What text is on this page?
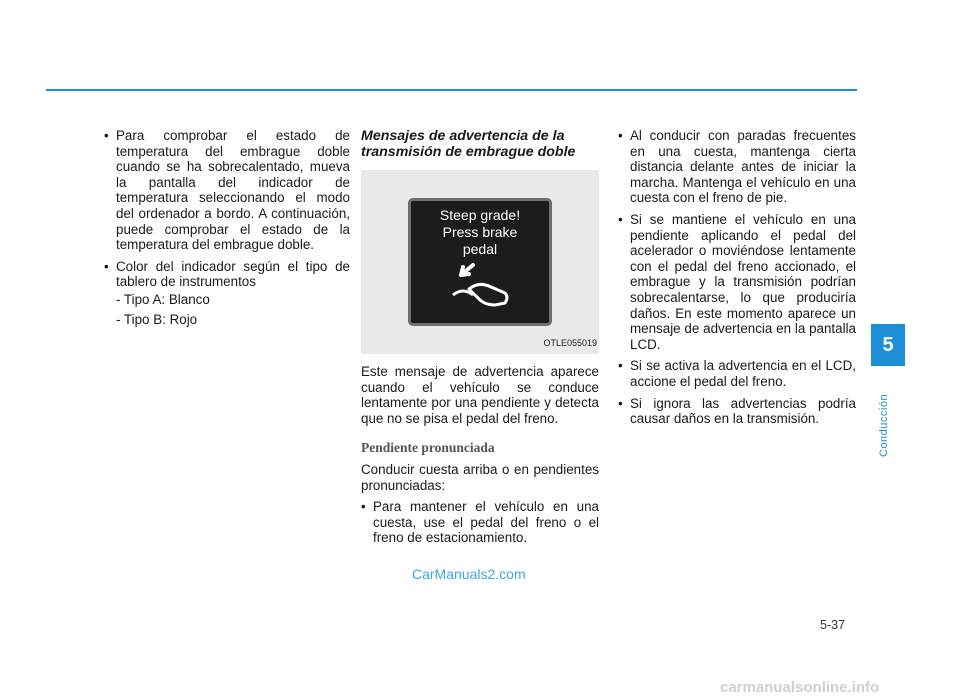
• Para comprobar el estado de temperatura del embrague doble cuando se ha sobrecalentado, mueva la pantalla del indicador de temperatura seleccionando el modo del ordenador a bordo. A continuación, puede comprobar el estado de la temperatura del embrague doble.
• Color del indicador según el tipo de tablero de instrumentos
- Tipo A: Blanco
- Tipo B: Rojo
Mensajes de advertencia de la transmisión de embrague doble
Steep grade!
Press brake
pedal
OTLE055019

Este mensaje de advertencia aparece cuando el vehículo se conduce lentamente por una pendiente y detecta que no se pisa el pedal del freno.

Pendiente pronunciada

Conducir cuesta arriba o en pendientes pronunciadas:

• Para mantener el vehículo en una cuesta, use el pedal del freno o el freno de estacionamiento.
• Al conducir con paradas frecuentes en una cuesta, mantenga cierta distancia delante antes de iniciar la marcha. Mantenga el vehículo en una cuesta con el freno de pie.
• Si se mantiene el vehículo en una pendiente aplicando el pedal del acelerador o moviéndose lentamente con el pedal del freno accionado, el embrague y la transmisión podrían sobrecalentarse, lo que produciría daños. En este momento aparece un mensaje de advertencia en la pantalla LCD.
• Si se activa la advertencia en el LCD, accione el pedal del freno.
• Si ignora las advertencias podría causar daños en la transmisión.
CarManuals2.com
5
Conducción
5-37
carmanualsonline.info
